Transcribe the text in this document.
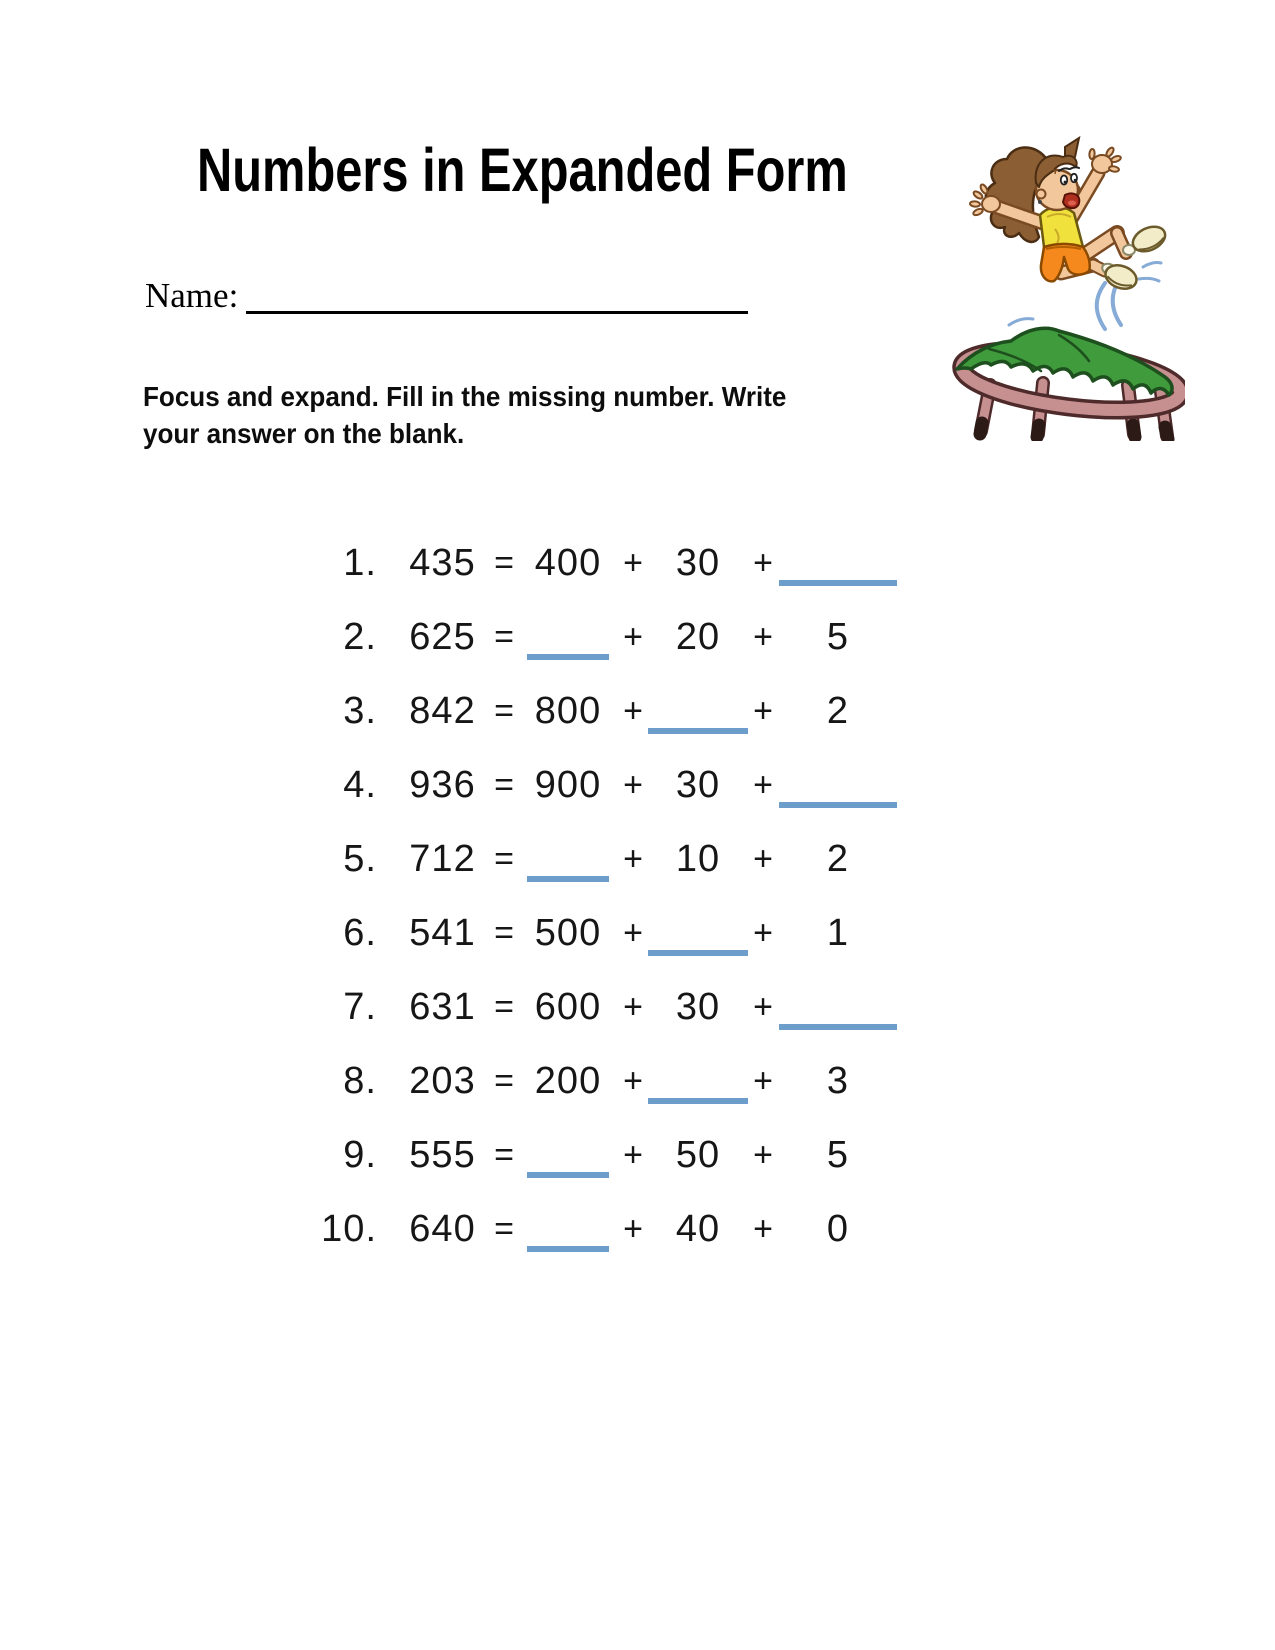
Numbers in Expanded Form
Name:
Focus and expand. Fill in the missing number. Write
your answer on the blank.
1. 435 = 400 + 30 +
2. 625 =	+ 20 +	5
3. 842 = 800 +	+	2
4. 936 = 900 + 30 +
5. 712 =	+ 10 +	2
6. 541 = 500 +	+	1
7. 631 = 600 + 30 +
8. 203 = 200 +	+	3
9. 555 =	+ 50 +	5
10. 640 =	+ 40 +	0
